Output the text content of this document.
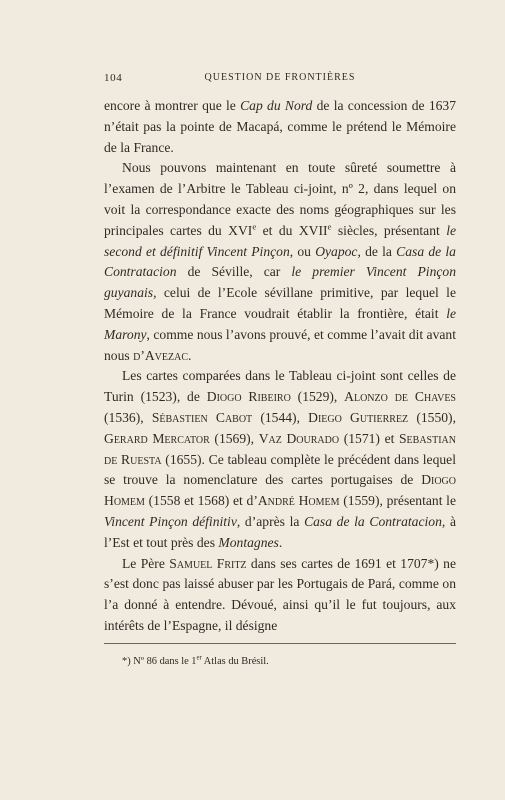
104	QUESTION DE FRONTIÈRES

encore à montrer que le Cap du Nord de la concession de 1637 n’était pas la pointe de Macapá, comme le prétend le Mémoire de la France.

Nous pouvons maintenant en toute sûreté soumettre à l’examen de l’Arbitre le Tableau ci-joint, nº 2, dans lequel on voit la correspondance exacte des noms géographiques sur les principales cartes du XVIe et du XVIIe siècles, présentant le second et définitif Vincent Pinçon, ou Oyapoc, de la Casa de la Contratacion de Séville, car le premier Vincent Pinçon guyanais, celui de l’Ecole sévillane primitive, par lequel le Mémoire de la France voudrait établir la frontière, était le Marony, comme nous l’avons prouvé, et comme l’avait dit avant nous d’Avezac.

Les cartes comparées dans le Tableau ci-joint sont celles de Turin (1523), de Diogo Ribeiro (1529), Alonzo de Chaves (1536), Sébastien Cabot (1544), Diego Gutierrez (1550), Gerard Mercator (1569), Vaz Dourado (1571) et Sebastian de Ruesta (1655). Ce tableau complète le précédent dans lequel se trouve la nomenclature des cartes portugaises de Diogo Homem (1558 et 1568) et d’André Homem (1559), présentant le Vincent Pinçon définitiv, d’après la Casa de la Contratacion, à l’Est et tout près des Montagnes.

Le Père Samuel Fritz dans ses cartes de 1691 et 1707*) ne s’est donc pas laissé abuser par les Portugais de Pará, comme on l’a donné à entendre. Dévoué, ainsi qu’il le fut toujours, aux intérêts de l’Espagne, il désigne

*) Nº 86 dans le 1er Atlas du Brésil.
